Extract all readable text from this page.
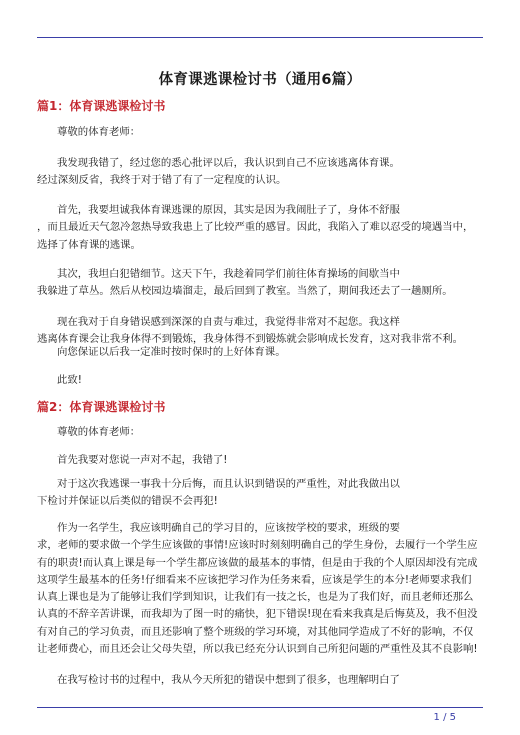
体育课逃课检讨书（通用6篇）
篇1：体育课逃课检讨书

尊敬的体育老师：

我发现我错了，经过您的悉心批评以后，我认识到自己不应该逃离体育课。
经过深刻反省，我终于对于错了有了一定程度的认识。

首先，我要坦诚我体育课逃课的原因，其实是因为我闹肚子了，身体不舒服
，而且最近天气忽冷忽热导致我患上了比较严重的感冒。因此，我陷入了难以忍受的境遇当中，
选择了体育课的逃课。

其次，我坦白犯错细节。这天下午，我趁着同学们前往体育操场的间歇当中
我躲进了草丛。然后从校园边墙溜走，最后回到了教室。当然了，期间我还去了一趟厕所。

现在我对于自身错误感到深深的自责与难过，我觉得非常对不起您。我这样
逃离体育课会让我身体得不到锻炼，我身体得不到锻炼就会影响成长发育，这对我非常不利。

向您保证以后我一定准时按时保时的上好体育课。

此致!

篇2：体育课逃课检讨书

尊敬的体育老师：

首先我要对您说一声对不起，我错了!

对于这次我逃课一事我十分后悔，而且认识到错误的严重性，对此我做出以
下检讨并保证以后类似的错误不会再犯!

作为一名学生，我应该明确自己的学习目的，应该按学校的要求，班级的要
求，老师的要求做一个学生应该做的事情!应该时时刻刻明确自己的学生身份，去履行一个学生应
有的职责!而认真上课是每一个学生都应该做的最基本的事情，但是由于我的个人原因却没有完成
这项学生最基本的任务!仔细看来不应该把学习作为任务来看，应该是学生的本分!老师要求我们
认真上课也是为了能够让我们学到知识，让我们有一技之长，也是为了我们好，而且老师还那么
认真的不辞辛苦讲课，而我却为了图一时的痛快，犯下错误!现在看来我真是后悔莫及，我不但没
有对自己的学习负责，而且还影响了整个班级的学习环境，对其他同学造成了不好的影响，不仅
让老师费心，而且还会让父母失望，所以我已经充分认识到自己所犯问题的严重性及其不良影响!

在我写检讨书的过程中，我从今天所犯的错误中想到了很多，也理解明白了

1 / 5
